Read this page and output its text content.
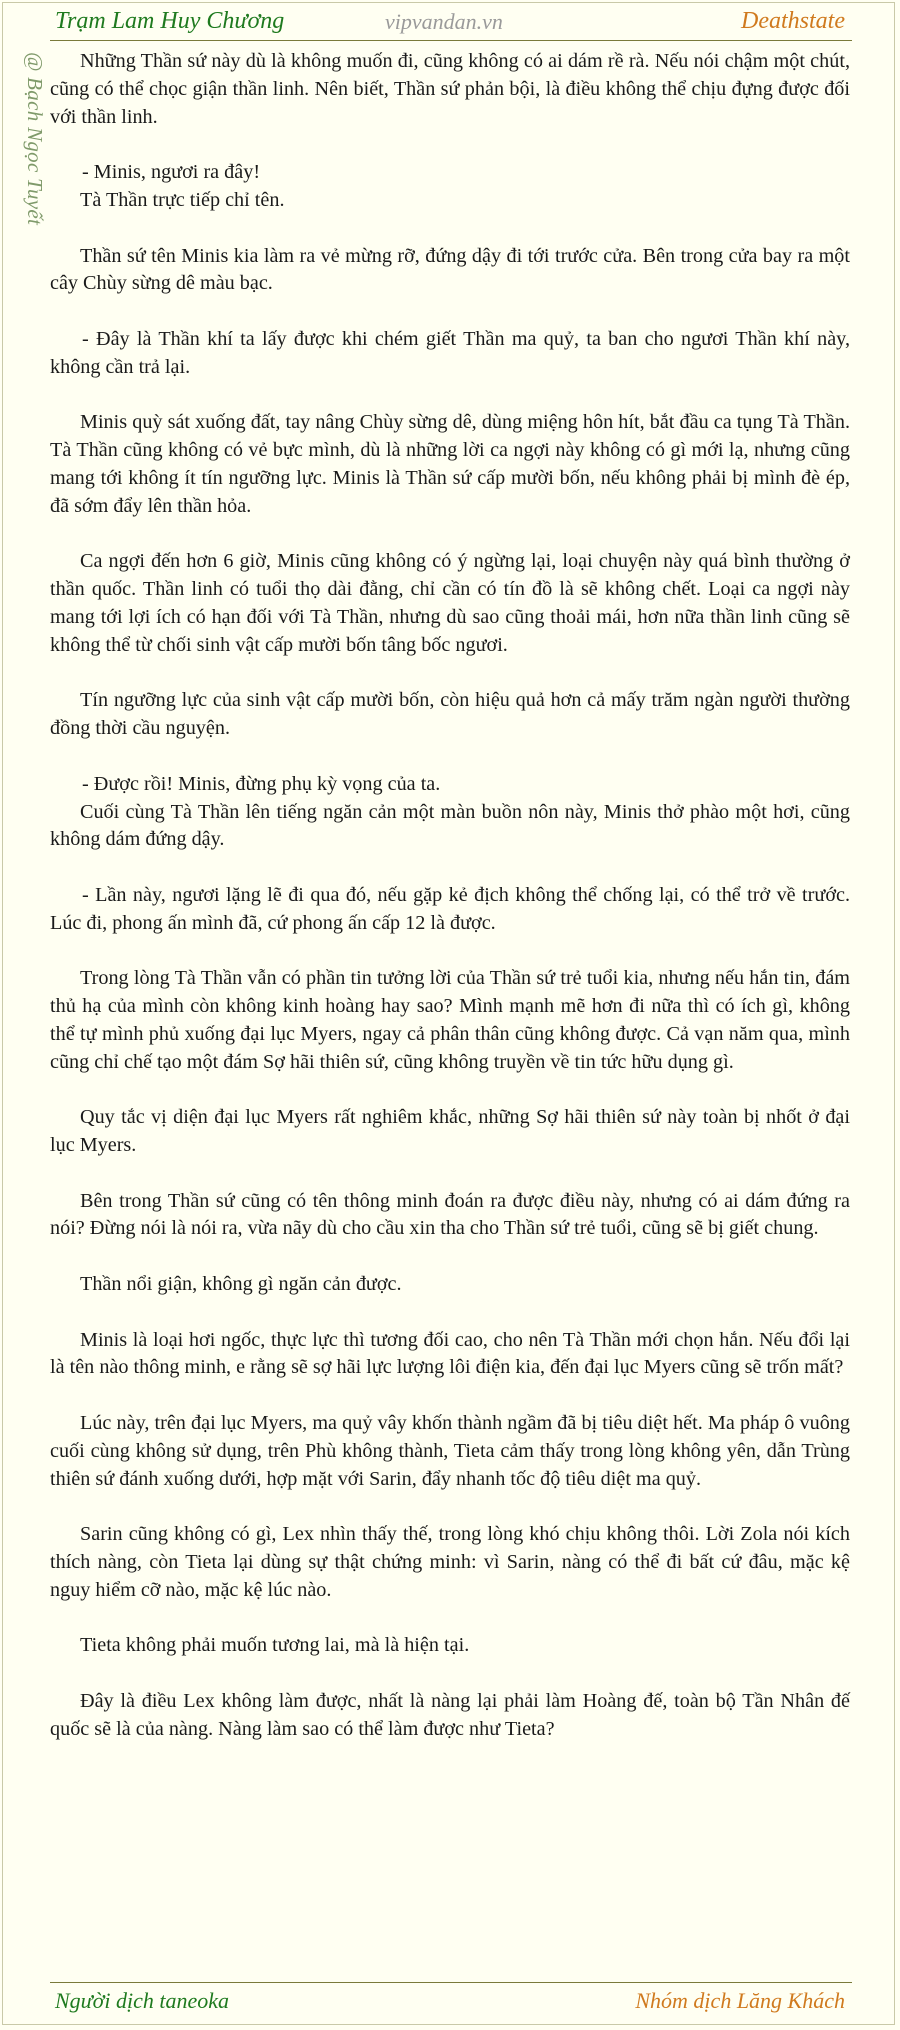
Trạm Lam Huy Chương	vipvandan.vn	Deathstate
@ Bạch Ngọc Tuyết	Những Thần sứ này dù là không muốn đi, cũng không có ai dám rề rà. Nếu nói chậm một chút, cũng có thể chọc giận thần linh. Nên biết, Thần sứ phản bội, là điều không thể chịu đựng được đối với thần linh.

- Minis, ngươi ra đây!

Tà Thần trực tiếp chỉ tên.

Thần sứ tên Minis kia làm ra vẻ mừng rỡ, đứng dậy đi tới trước cửa. Bên trong cửa bay ra một cây Chùy sừng dê màu bạc.

- Đây là Thần khí ta lấy được khi chém giết Thần ma quỷ, ta ban cho ngươi Thần khí này, không cần trả lại.

Minis quỳ sát xuống đất, tay nâng Chùy sừng dê, dùng miệng hôn hít, bắt đầu ca tụng Tà Thần. Tà Thần cũng không có vẻ bực mình, dù là những lời ca ngợi này không có gì mới lạ, nhưng cũng mang tới không ít tín ngưỡng lực. Minis là Thần sứ cấp mười bốn, nếu không phải bị mình đè ép, đã sớm đẩy lên thần hỏa.

Ca ngợi đến hơn 6 giờ, Minis cũng không có ý ngừng lại, loại chuyện này quá bình thường ở thần quốc. Thần linh có tuổi thọ dài đằng, chỉ cần có tín đồ là sẽ không chết. Loại ca ngợi này mang tới lợi ích có hạn đối với Tà Thần, nhưng dù sao cũng thoải mái, hơn nữa thần linh cũng sẽ không thể từ chối sinh vật cấp mười bốn tâng bốc ngươi.

Tín ngưỡng lực của sinh vật cấp mười bốn, còn hiệu quả hơn cả mấy trăm ngàn người thường đồng thời cầu nguyện.

- Được rồi! Minis, đừng phụ kỳ vọng của ta.

Cuối cùng Tà Thần lên tiếng ngăn cản một màn buồn nôn này, Minis thở phào một hơi, cũng không dám đứng dậy.

- Lần này, ngươi lặng lẽ đi qua đó, nếu gặp kẻ địch không thể chống lại, có thể trở về trước. Lúc đi, phong ấn mình đã, cứ phong ấn cấp 12 là được.

Trong lòng Tà Thần vẫn có phần tin tưởng lời của Thần sứ trẻ tuổi kia, nhưng nếu hắn tin, đám thủ hạ của mình còn không kinh hoàng hay sao? Mình mạnh mẽ hơn đi nữa thì có ích gì, không thể tự mình phủ xuống đại lục Myers, ngay cả phân thân cũng không được. Cả vạn năm qua, mình cũng chỉ chế tạo một đám Sợ hãi thiên sứ, cũng không truyền về tin tức hữu dụng gì.

Quy tắc vị diện đại lục Myers rất nghiêm khắc, những Sợ hãi thiên sứ này toàn bị nhốt ở đại lục Myers.

Bên trong Thần sứ cũng có tên thông minh đoán ra được điều này, nhưng có ai dám đứng ra nói? Đừng nói là nói ra, vừa nãy dù cho cầu xin tha cho Thần sứ trẻ tuổi, cũng sẽ bị giết chung.

Thần nổi giận, không gì ngăn cản được.

Minis là loại hơi ngốc, thực lực thì tương đối cao, cho nên Tà Thần mới chọn hắn. Nếu đổi lại là tên nào thông minh, e rằng sẽ sợ hãi lực lượng lôi điện kia, đến đại lục Myers cũng sẽ trốn mất?

Lúc này, trên đại lục Myers, ma quỷ vây khốn thành ngầm đã bị tiêu diệt hết. Ma pháp ô vuông cuối cùng không sử dụng, trên Phù không thành, Tieta cảm thấy trong lòng không yên, dẫn Trùng thiên sứ đánh xuống dưới, hợp mặt với Sarin, đẩy nhanh tốc độ tiêu diệt ma quỷ.

Sarin cũng không có gì, Lex nhìn thấy thế, trong lòng khó chịu không thôi. Lời Zola nói kích thích nàng, còn Tieta lại dùng sự thật chứng minh: vì Sarin, nàng có thể đi bất cứ đâu, mặc kệ nguy hiểm cỡ nào, mặc kệ lúc nào.

Tieta không phải muốn tương lai, mà là hiện tại.

Đây là điều Lex không làm được, nhất là nàng lại phải làm Hoàng đế, toàn bộ Tần Nhân đế quốc sẽ là của nàng. Nàng làm sao có thể làm được như Tieta?

Người dịch taneoka	Nhóm dịch Lăng Khách
